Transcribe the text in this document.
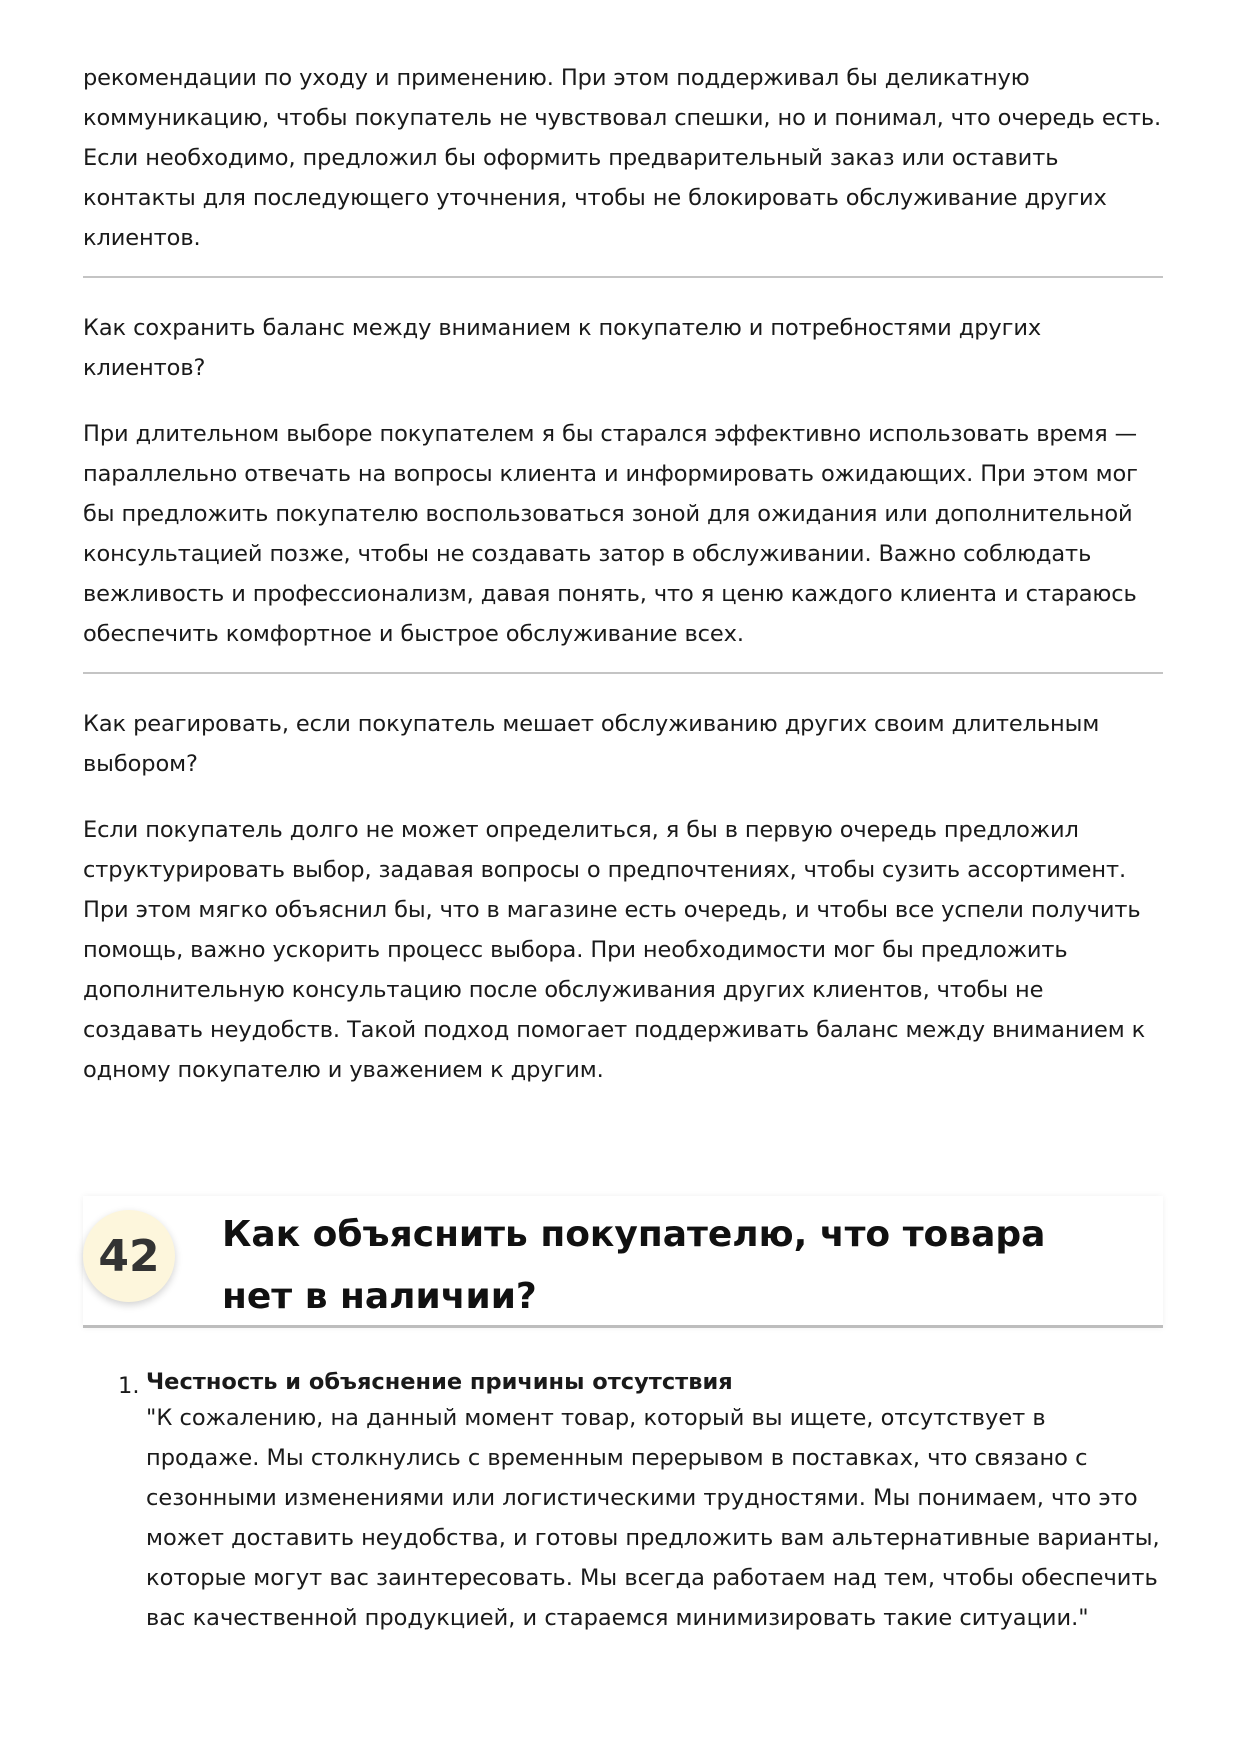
рекомендации по уходу и применению. При этом поддерживал бы деликатную коммуникацию, чтобы покупатель не чувствовал спешки, но и понимал, что очередь есть. Если необходимо, предложил бы оформить предварительный заказ или оставить контакты для последующего уточнения, чтобы не блокировать обслуживание других клиентов.

Как сохранить баланс между вниманием к покупателю и потребностями других клиентов?

При длительном выборе покупателем я бы старался эффективно использовать время — параллельно отвечать на вопросы клиента и информировать ожидающих. При этом мог бы предложить покупателю воспользоваться зоной для ожидания или дополнительной консультацией позже, чтобы не создавать затор в обслуживании. Важно соблюдать вежливость и профессионализм, давая понять, что я ценю каждого клиента и стараюсь обеспечить комфортное и быстрое обслуживание всех.

Как реагировать, если покупатель мешает обслуживанию других своим длительным выбором?

Если покупатель долго не может определиться, я бы в первую очередь предложил структурировать выбор, задавая вопросы о предпочтениях, чтобы сузить ассортимент. При этом мягко объяснил бы, что в магазине есть очередь, и чтобы все успели получить помощь, важно ускорить процесс выбора. При необходимости мог бы предложить дополнительную консультацию после обслуживания других клиентов, чтобы не создавать неудобств. Такой подход помогает поддерживать баланс между вниманием к одному покупателю и уважением к другим.

42	Как объяснить покупателю, что товара нет в наличии?
1. Честность и объяснение причины отсутствия
"К сожалению, на данный момент товар, который вы ищете, отсутствует в продаже. Мы столкнулись с временным перерывом в поставках, что связано с сезонными изменениями или логистическими трудностями. Мы понимаем, что это может доставить неудобства, и готовы предложить вам альтернативные варианты, которые могут вас заинтересовать. Мы всегда работаем над тем, чтобы обеспечить вас качественной продукцией, и стараемся минимизировать такие ситуации."
